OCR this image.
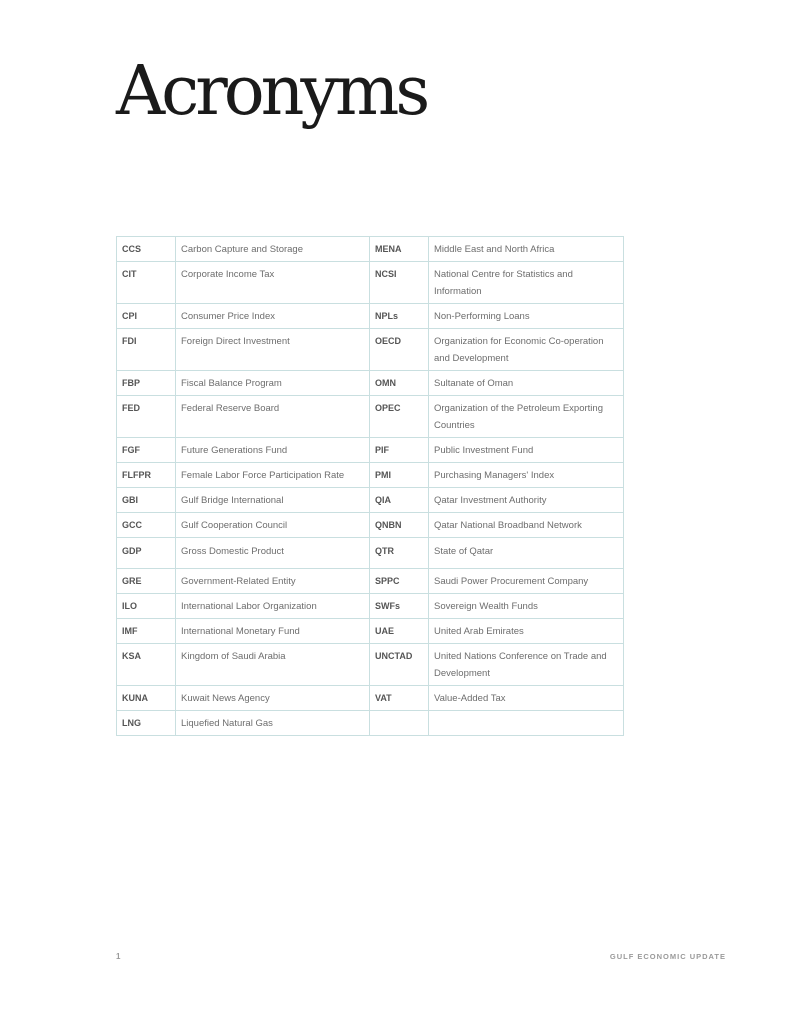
Acronyms
CCS	Carbon Capture and Storage	MENA	Middle East and North Africa
CIT	Corporate Income Tax	NCSI	National Centre for Statistics and Information
CPI	Consumer Price Index	NPLs	Non-Performing Loans
FDI	Foreign Direct Investment	OECD	Organization for Economic Co-operation and Development
FBP	Fiscal Balance Program	OMN	Sultanate of Oman
FED	Federal Reserve Board	OPEC	Organization of the Petroleum Exporting Countries
FGF	Future Generations Fund	PIF	Public Investment Fund
FLFPR	Female Labor Force Participation Rate	PMI	Purchasing Managers' Index
GBI	Gulf Bridge International	QIA	Qatar Investment Authority
GCC	Gulf Cooperation Council	QNBN	Qatar National Broadband Network
GDP	Gross Domestic Product	QTR	State of Qatar
GRE	Government-Related Entity	SPPC	Saudi Power Procurement Company
ILO	International Labor Organization	SWFs	Sovereign Wealth Funds
IMF	International Monetary Fund	UAE	United Arab Emirates
KSA	Kingdom of Saudi Arabia	UNCTAD	United Nations Conference on Trade and Development
KUNA	Kuwait News Agency	VAT	Value-Added Tax
LNG	Liquefied Natural Gas		
1	GULF ECONOMIC UPDATE
